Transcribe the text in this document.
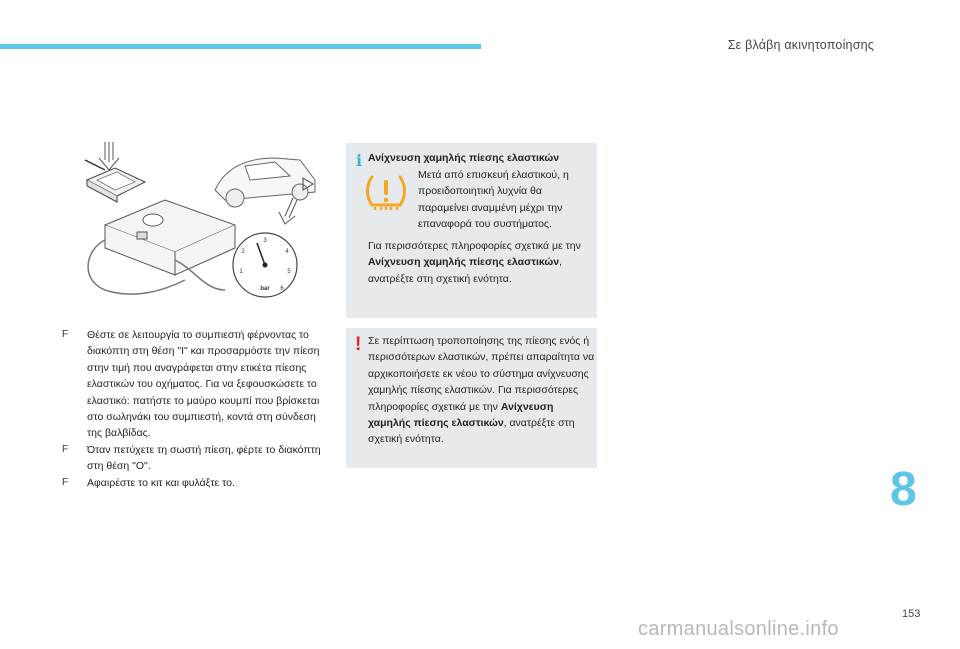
Σε βλάβη ακινητοποίησης
1
2
3
4
5
6
bar
F Θέστε σε λειτουργία το συμπιεστή φέρνοντας το διακόπτη στη θέση "I" και προσαρμόστε την πίεση στην τιμή που αναγράφεται στην ετικέτα πίεσης ελαστικών του οχήματος. Για να ξεφουσκώσετε το ελαστικό: πατήστε το μαύρο κουμπί που βρίσκεται στο σωληνάκι του συμπιεστή, κοντά στη σύνδεση της βαλβίδας.
F Όταν πετύχετε τη σωστή πίεση, φέρτε το διακόπτη στη θέση "O".
F Αφαιρέστε το κιτ και φυλάξτε το.
i Ανίχνευση χαμηλής πίεσης ελαστικών
Μετά από επισκευή ελαστικού, η προειδοποιητική λυχνία θα παραμείνει αναμμένη μέχρι την επαναφορά του συστήματος.
Για περισσότερες πληροφορίες σχετικά με την Ανίχνευση χαμηλής πίεσης ελαστικών, ανατρέξτε στη σχετική ενότητα.
! Σε περίπτωση τροποποίησης της πίεσης ενός ή περισσότερων ελαστικών, πρέπει απαραίτητα να αρχικοποιήσετε εκ νέου το σύστημα ανίχνευσης χαμηλής πίεσης ελαστικών. Για περισσότερες πληροφορίες σχετικά με την Ανίχνευση χαμηλής πίεσης ελαστικών, ανατρέξτε στη σχετική ενότητα.
8
153
carmanualsonline.info
